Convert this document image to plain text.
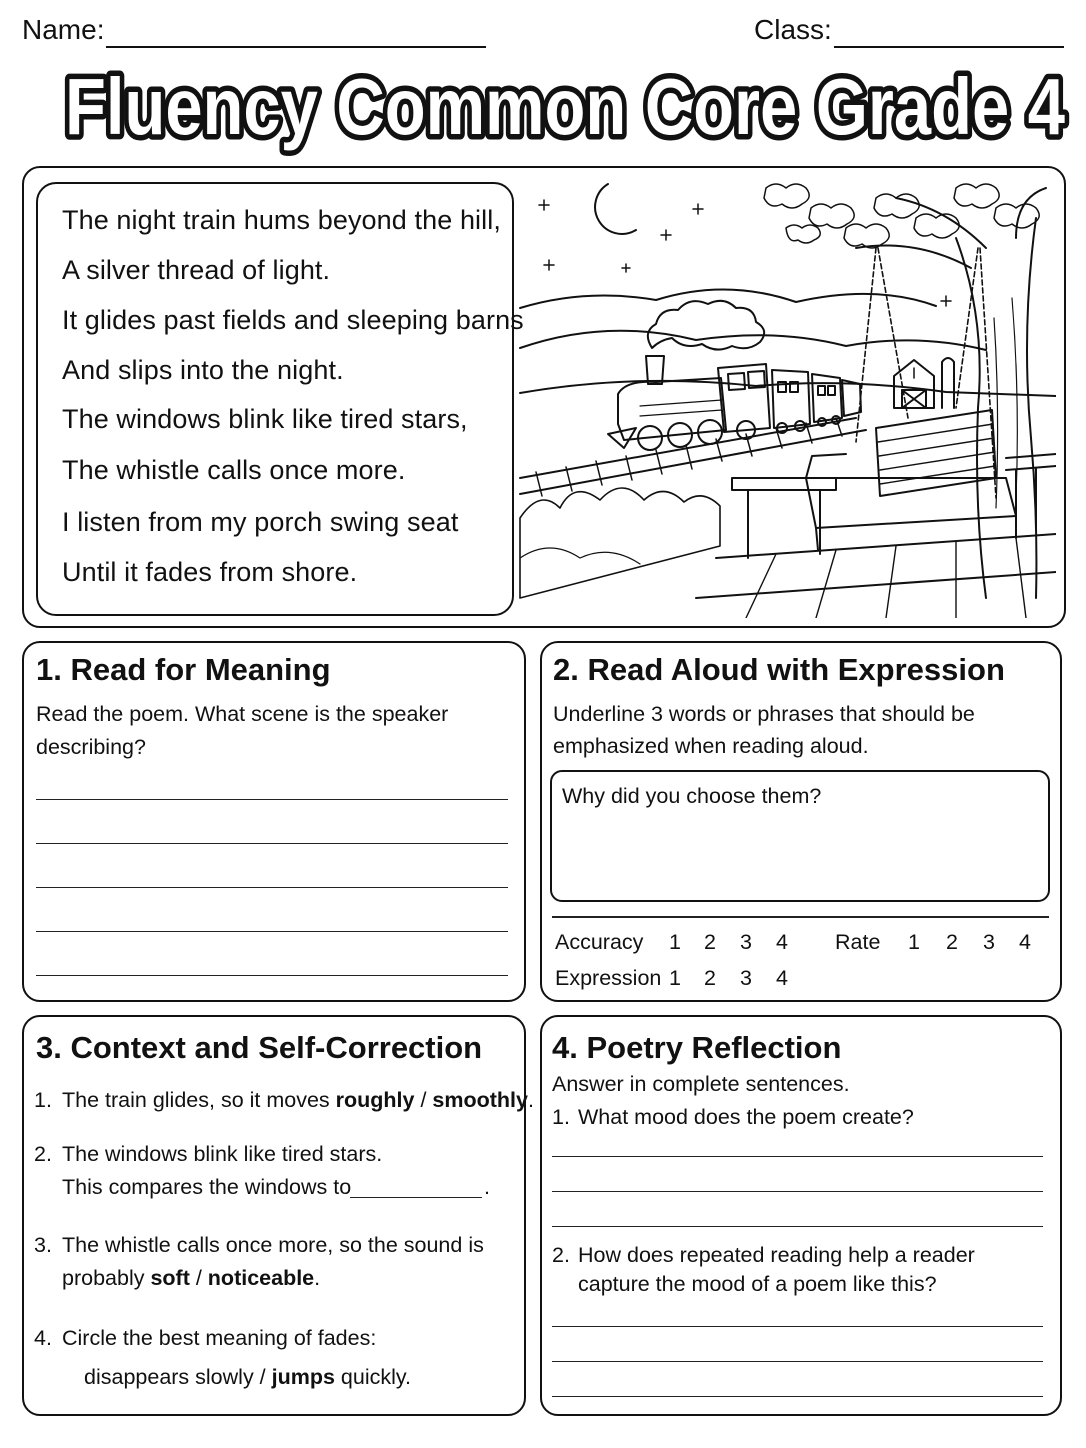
Name:	Class:
Fluency Common Core Grade 4
The night train hums beyond the hill,
A silver thread of light.
It glides past fields and sleeping barns
And slips into the night.
The windows blink like tired stars,
The whistle calls once more.
I listen from my porch swing seat
Until it fades from shore.
1. Read for Meaning
Read the poem. What scene is the speaker
describing?
2. Read Aloud with Expression
Underline 3 words or phrases that should be
emphasized when reading aloud.
Why did you choose them?
Accuracy 1 2 3 4 Rate 1 2 3 4
Expression 1 2 3 4
3. Context and Self-Correction
1. The train glides, so it moves roughly / smoothly.
2. The windows blink like tired stars.
This compares the windows to	.
3. The whistle calls once more, so the sound is
probably soft / noticeable.
4. Circle the best meaning of fades:
disappears slowly / jumps quickly.
4. Poetry Reflection
Answer in complete sentences.
1. What mood does the poem create?
2. How does repeated reading help a reader
capture the mood of a poem like this?
